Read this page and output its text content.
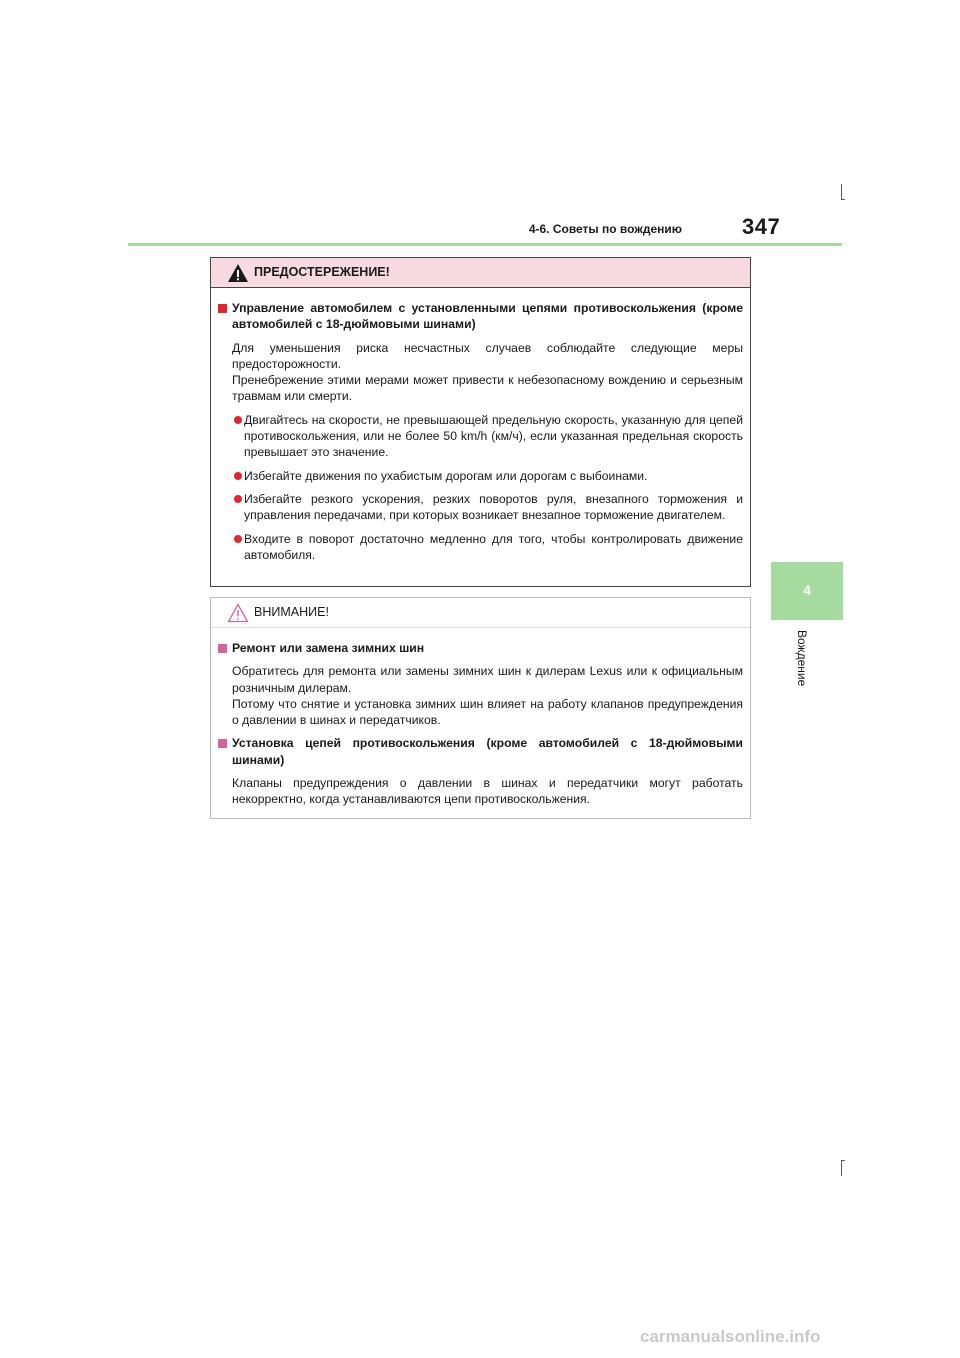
4-6. Советы по вождению	347
4
Вождение
ПРЕДОСТЕРЕЖЕНИЕ!
Управление автомобилем с установленными цепями противоскольжения (кроме автомобилей с 18-дюймовыми шинами)
Для уменьшения риска несчастных случаев соблюдайте следующие меры предосторожности.
Пренебрежение этими мерами может привести к небезопасному вождению и серьезным травмам или смерти.
Двигайтесь на скорости, не превышающей предельную скорость, указанную для цепей противоскольжения, или не более 50 km/h (км/ч), если указанная предельная скорость превышает это значение.
Избегайте движения по ухабистым дорогам или дорогам с выбоинами.
Избегайте резкого ускорения, резких поворотов руля, внезапного торможения и управления передачами, при которых возникает внезапное торможение двигателем.
Входите в поворот достаточно медленно для того, чтобы контролировать движение автомобиля.
ВНИМАНИЕ!
Ремонт или замена зимних шин
Обратитесь для ремонта или замены зимних шин к дилерам Lexus или к официальным розничным дилерам.
Потому что снятие и установка зимних шин влияет на работу клапанов предупреждения о давлении в шинах и передатчиков.
Установка цепей противоскольжения (кроме автомобилей с 18-дюймовыми шинами)
Клапаны предупреждения о давлении в шинах и передатчики могут работать некорректно, когда устанавливаются цепи противоскольжения.
carmanualsonline.info
